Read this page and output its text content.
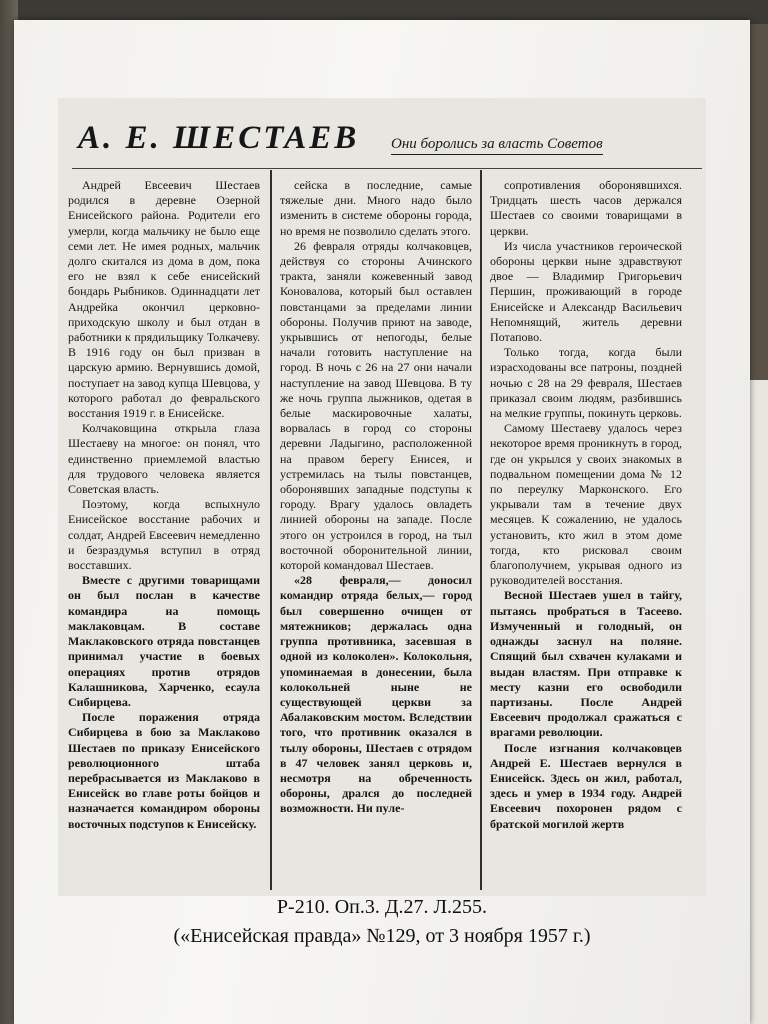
А. Е. ШЕСТАЕВ Они боролись за власть Советов

Андрей Евсеевич Шестаев родился в деревне Озерной Енисейского района. Родители его умерли, когда мальчику не было еще семи лет. Не имея родных, мальчик долго скитался из дома в дом, пока его не взял к себе енисейский бондарь Рыбников. Одиннадцати лет Андрейка окончил церковно-приходскую школу и был отдан в работники к прядильщику Толкачеву. В 1916 году он был призван в царскую армию. Вернувшись домой, поступает на завод купца Шевцова, у которого работал до февральского восстания 1919 г. в Енисейске.

Колчаковщина открыла глаза Шестаеву на многое: он понял, что единственно приемлемой властью для трудового человека является Советская власть.

Поэтому, когда вспыхнуло Енисейское восстание рабочих и солдат, Андрей Евсеевич немедленно и безраздумья вступил в отряд восставших.

Вместе с другими товарищами он был послан в качестве командира на помощь маклаковцам. В составе Маклаковского отряда повстанцев принимал участие в боевых операциях против отрядов Калашникова, Харченко, есаула Сибирцева.

После поражения отряда Сибирцева в бою за Маклаково Шестаев по приказу Енисейского революционного штаба перебрасывается из Маклаково в Енисейск во главе роты бойцов и назначается командиром обороны восточных подступов к Енисейску.

сейска в последние, самые тяжелые дни. Много надо было изменить в системе обороны города, но время не позволило сделать этого.

26 февраля отряды колчаковцев, действуя со стороны Ачинского тракта, заняли кожевенный завод Коновалова, который был оставлен повстанцами за пределами линии обороны. Получив приют на заводе, укрывшись от непогоды, белые начали готовить наступление на город. В ночь с 26 на 27 они начали наступление на завод Шевцова. В ту же ночь группа лыжников, одетая в белые маскировочные халаты, ворвалась в город со стороны деревни Ладыгино, расположенной на правом берегу Енисея, и устремилась на тылы повстанцев, оборонявших западные подступы к городу. Врагу удалось овладеть линией обороны на западе. После этого он устроился в город, на тыл восточной оборонительной линии, которой командовал Шестаев.

«28 февраля,— доносил командир отряда белых,— город был совершенно очищен от мятежников; держалась одна группа противника, засевшая в одной из колоколен». Колокольня, упоминаемая в донесении, была колокольней ныне не существующей церкви за Абалаковским мостом. Вследствии того, что противник оказался в тылу обороны, Шестаев с отрядом в 47 человек занял церковь и, несмотря на обреченность обороны, дрался до последней возможности. Ни пуле-

сопротивления оборонявшихся. Тридцать шесть часов держался Шестаев со своими товарищами в церкви.

Из числа участников героической обороны церкви ныне здравствуют двое — Владимир Григорьевич Першин, проживающий в городе Енисейске и Александр Васильевич Непомнящий, житель деревни Потапово.

Только тогда, когда были израсходованы все патроны, поздней ночью с 28 на 29 февраля, Шестаев приказал своим людям, разбившись на мелкие группы, покинуть церковь.

Самому Шестаеву удалось через некоторое время проникнуть в город, где он укрылся у своих знакомых в подвальном помещении дома № 12 по переулку Марконского. Его укрывали там в течение двух месяцев. К сожалению, не удалось установить, кто жил в этом доме тогда, кто рисковал своим благополучием, укрывая одного из руководителей восстания.

Весной Шестаев ушел в тайгу, пытаясь пробраться в Тасеево. Измученный и голодный, он однажды заснул на поляне. Спящий был схвачен кулаками и выдан властям. При отправке к месту казни его освободили партизаны. После Андрей Евсеевич продолжал сражаться с врагами революции.

После изгнания колчаковцев Андрей Е. Шестаев вернулся в Енисейск. Здесь он жил, работал, здесь и умер в 1934 году. Андрей Евсеевич похоронен рядом с братской могилой жертв

Р-210. Оп.3. Д.27. Л.255.

(«Енисейская правда» №129, от 3 ноября 1957 г.)
